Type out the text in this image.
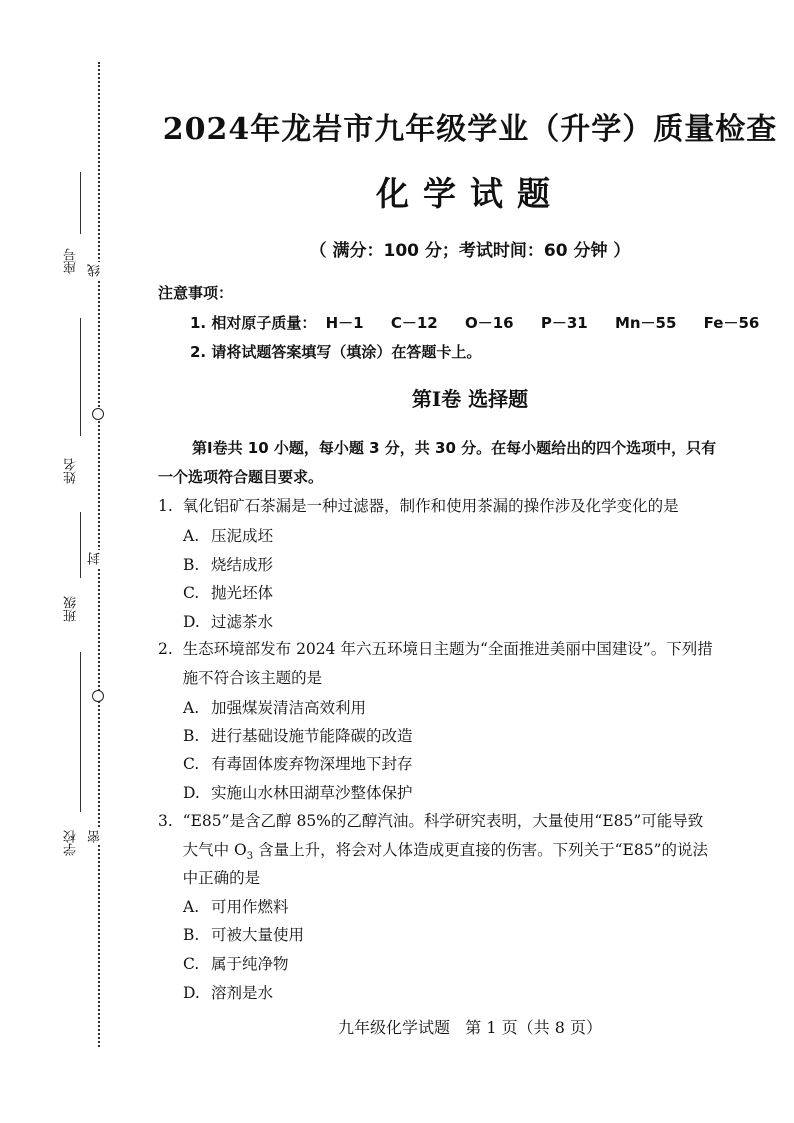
座号
姓名
班级
学校
线
封
密
2024年龙岩市九年级学业（升学）质量检查
化学试题
（ 满分：100 分；考试时间：60 分钟 ）
注意事项：
1. 相对原子质量： H－1 C－12 O－16 P－31 Mn－55 Fe－56
2. 请将试题答案填写（填涂）在答题卡上。
第Ⅰ卷 选择题
第Ⅰ卷共 10 小题，每小题 3 分，共 30 分。在每小题给出的四个选项中，只有
一个选项符合题目要求。
1.  氧化铝矿石茶漏是一种过滤器，制作和使用茶漏的操作涉及化学变化的是
A. 压泥成坯
B. 烧结成形
C. 抛光坯体
D. 过滤茶水
2.  生态环境部发布 2024 年六五环境日主题为“全面推进美丽中国建设”。下列措
施不符合该主题的是
A. 加强煤炭清洁高效利用
B. 进行基础设施节能降碳的改造
C. 有毒固体废弃物深埋地下封存
D. 实施山水林田湖草沙整体保护
3.  “E85”是含乙醇 85%的乙醇汽油。科学研究表明，大量使用“E85”可能导致
大气中 $O_3$ 含量上升，将会对人体造成更直接的伤害。下列关于“E85”的说法
中正确的是
A. 可用作燃料
B. 可被大量使用
C. 属于纯净物
D. 溶剂是水
九年级化学试题   第 1 页（共 8 页）
